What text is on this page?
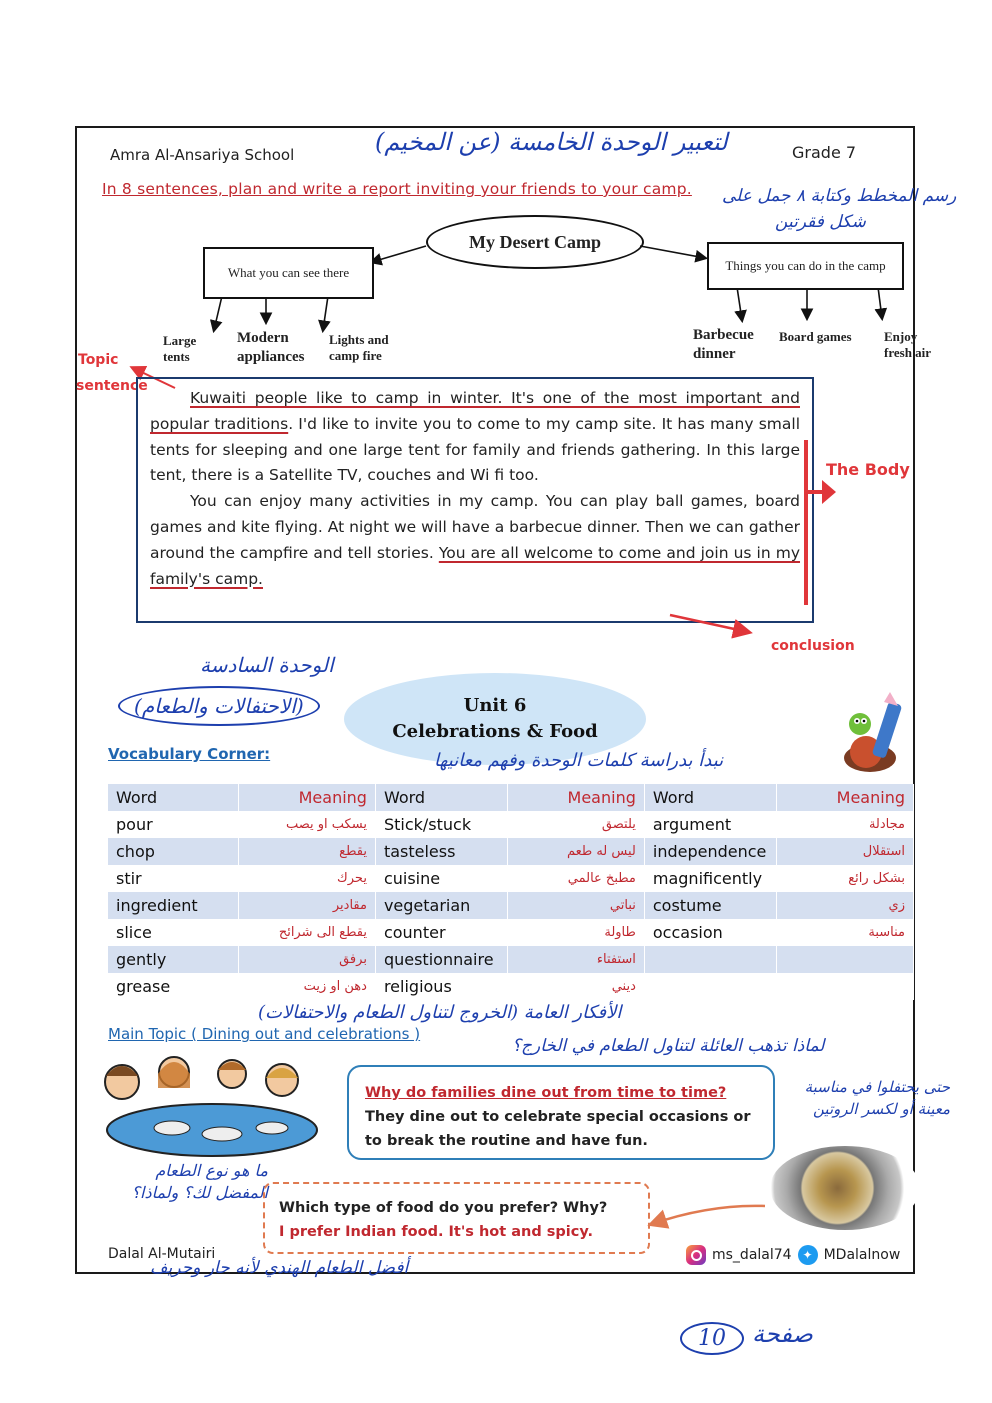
Amra Al-Ansariya School	Grade 7
لتعبير الوحدة الخامسة (عن المخيم)
In 8 sentences, plan and write a report inviting your friends to your camp. رسم المخطط وكتابة ٨ جمل على
شكل فقرتين
My Desert Camp
What you can see there	Things you can do in the camp
Large tents
Modern appliances
Lights and camp fire
Barbecue dinner
Board games	Enjoy fresh air
Topic
sentence
The Body
conclusion

Kuwaiti people like to camp in winter. It's one of the most important and popular traditions. I'd like to invite you to come to my camp site. It has many small tents for sleeping and one large tent for family and friends gathering. In this large tent, there is a Satellite TV, couches and Wi fi too.

You can enjoy many activities in my camp. You can play ball games, board games and kite flying. At night we will have a barbecue dinner. Then we can gather around the campfire and tell stories. You are all welcome to come and join us in my family's camp.

الوحدة السادسة
(الاحتفالات والطعام)	Unit 6
Celebrations & Food
Vocabulary Corner:	نبدأ بدراسة كلمات الوحدة وفهم معانيها
Word	Meaning	Word	Meaning	Word	Meaning
pour	يسكب او يصب	Stick/stuck	يلتصق	argument	مجادلة
chop	يقطع	tasteless	ليس له طعم	independence	استقلال
stir	يحرك	cuisine	مطبخ عالمي	magnificently	بشكل رائع
ingredient	مقادير	vegetarian	نباتي	costume	زي
slice	يقطع الى شرائح	counter	طاولة	occasion	مناسبة
gently	برفق	questionnaire	استفتاء		
grease	دهن او زيت	religious	ديني		
Main Topic ( Dining out and celebrations )
الأفكار العامة (الخروج لتناول الطعام والاحتفالات)
لماذا تذهب العائلة لتناول الطعام في الخارج؟
حتى يحتفلوا في مناسبة معينة أو لكسر الروتين
Why do families dine out from time to time?
They dine out to celebrate special occasions or to break the routine and have fun.
ما هو نوع الطعام المفضل لك؟ ولماذا؟
Which type of food do you prefer? Why?
I prefer Indian food. It's hot and spicy.
أفضل الطعام الهندي لأنه حار وحريف
Dalal Al-Mutairi	ms_dalal74 ✦ MDalalnow
صفحة
10
